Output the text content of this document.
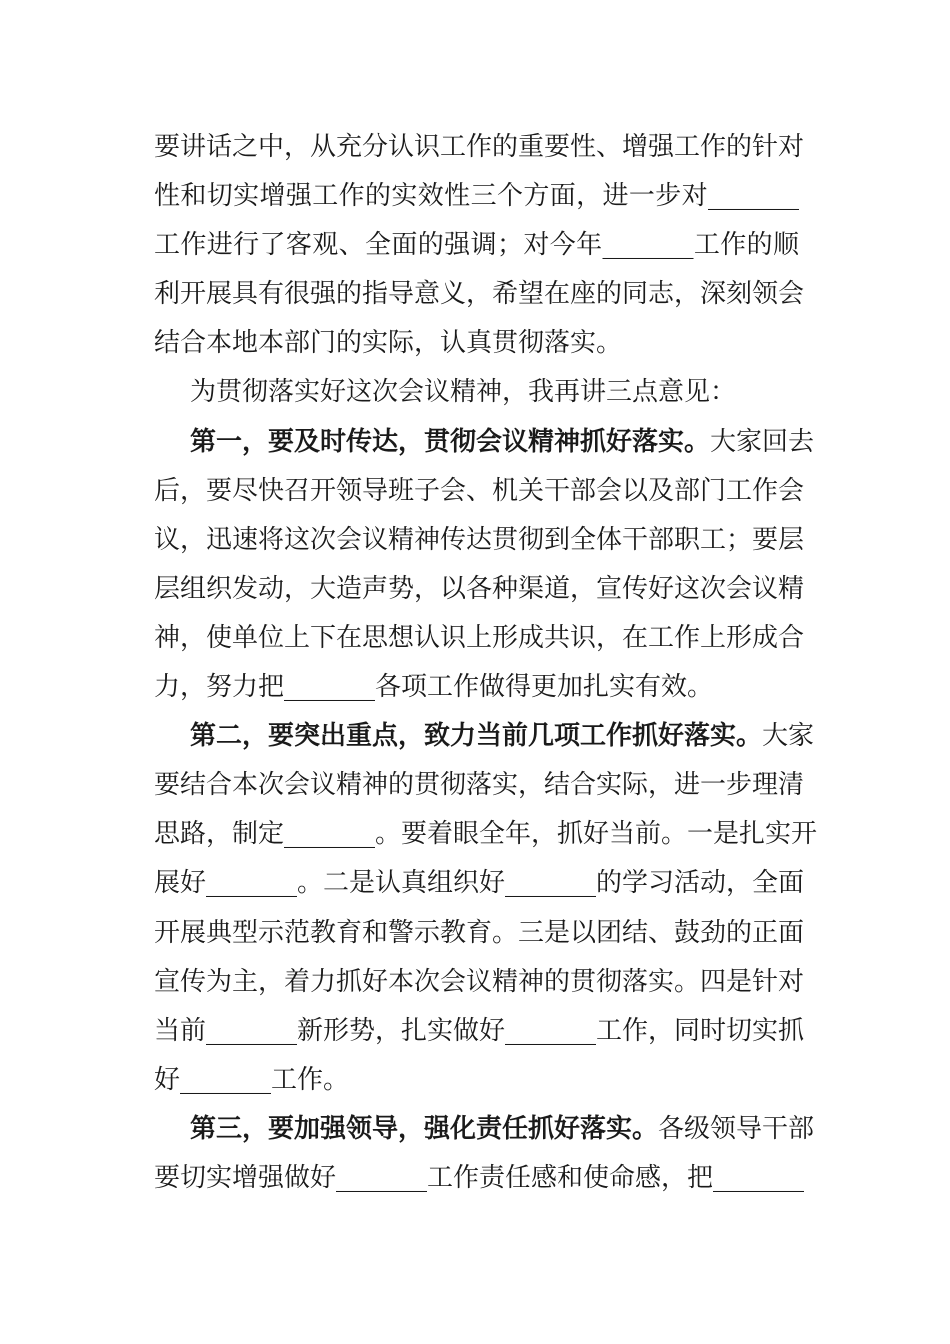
要讲话之中，从充分认识工作的重要性、增强工作的针对
性和切实增强工作的实效性三个方面，进一步对_______
工作进行了客观、全面的强调；对今年_______工作的顺
利开展具有很强的指导意义，希望在座的同志，深刻领会
结合本地本部门的实际，认真贯彻落实。
为贯彻落实好这次会议精神，我再讲三点意见：
第一，要及时传达，贯彻会议精神抓好落实。大家回去
后，要尽快召开领导班子会、机关干部会以及部门工作会
议，迅速将这次会议精神传达贯彻到全体干部职工；要层
层组织发动，大造声势，以各种渠道，宣传好这次会议精
神，使单位上下在思想认识上形成共识，在工作上形成合
力，努力把_______各项工作做得更加扎实有效。
第二，要突出重点，致力当前几项工作抓好落实。大家
要结合本次会议精神的贯彻落实，结合实际，进一步理清
思路，制定_______。要着眼全年，抓好当前。一是扎实开
展好_______。二是认真组织好_______的学习活动，全面
开展典型示范教育和警示教育。三是以团结、鼓劲的正面
宣传为主，着力抓好本次会议精神的贯彻落实。四是针对
当前_______新形势，扎实做好_______工作，同时切实抓
好_______工作。
第三，要加强领导，强化责任抓好落实。各级领导干部
要切实增强做好_______工作责任感和使命感，把_______
